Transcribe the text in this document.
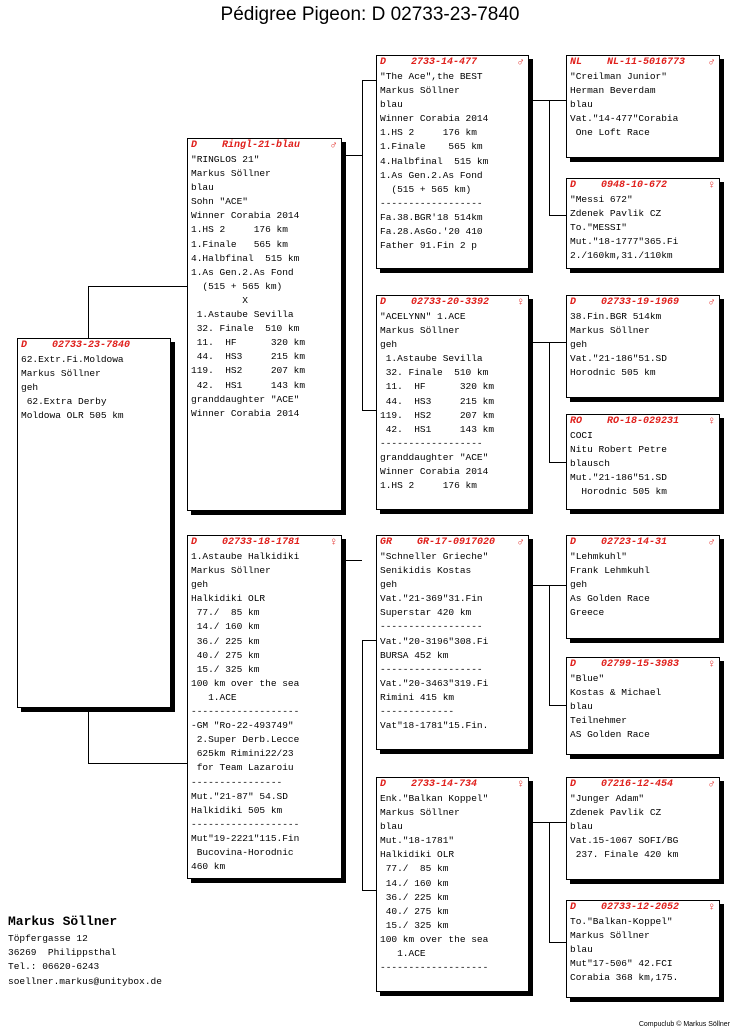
Pédigree Pigeon: D 02733-23-7840
D 02733-23-7840
62.Extr.Fi.Moldowa
Markus Söllner
geh
62.Extra Derby
Moldowa OLR 505 km
D Ringl-21-blau	♂
"RINGLOS 21"
Markus Söllner
blau
Sohn "ACE"
Winner Corabia 2014
1.HS 2     176 km
1.Finale   565 km
4.Halbfinal  515 km
1.As Gen.2.As Fond
(515 + 565 km)
X
1.Astaube Sevilla
32. Finale  510 km
11.  HF      320 km
44.  HS3     215 km
119.  HS2     207 km
42.  HS1     143 km
granddaughter "ACE"
Winner Corabia 2014
D 02733-18-1781	♀
1.Astaube Halkidiki
Markus Söllner
geh
Halkidiki OLR
77./  85 km
14./ 160 km
36./ 225 km
40./ 275 km
15./ 325 km
100 km over the sea
1.ACE
-------------------
-GM "Ro-22-493749"
2.Super Derb.Lecce
625km Rimini22/23
for Team Lazaroiu
----------------
Mut."21-87" 54.SD
Halkidiki 505 km
-------------------
Mut"19-2221"115.Fin
Bucovina-Horodnic
460 km
D 2733-14-477	♂
"The Ace",the BEST
Markus Söllner
blau
Winner Corabia 2014
1.HS 2     176 km
1.Finale    565 km
4.Halbfinal  515 km
1.As Gen.2.As Fond
(515 + 565 km)
------------------
Fa.38.BGR'18 514km
Fa.28.AsGo.'20 410
Father 91.Fin 2 p
D 02733-20-3392	♀
"ACELYNN" 1.ACE
Markus Söllner
geh
1.Astaube Sevilla
32. Finale  510 km
11.  HF      320 km
44.  HS3     215 km
119.  HS2     207 km
42.  HS1     143 km
------------------
granddaughter "ACE"
Winner Corabia 2014
1.HS 2     176 km
GR GR-17-0917020 ♂
"Schneller Grieche"
Senikidis Kostas
geh
Vat."21-369"31.Fin
Superstar 420 km
------------------
Vat."20-3196"308.Fi
BURSA 452 km
------------------
Vat."20-3463"319.Fi
Rimini 415 km
-------------
Vat"18-1781"15.Fin.
D 2733-14-734	♀
Enk."Balkan Koppel"
Markus Söllner
blau
Mut."18-1781"
Halkidiki OLR
77./  85 km
14./ 160 km
36./ 225 km
40./ 275 km
15./ 325 km
100 km over the sea
1.ACE
-------------------
NL NL-11-5016773 ♂
"Creilman Junior"
Herman Beverdam
blau
Vat."14-477"Corabia
One Loft Race
D 0948-10-672	♀
"Messi 672"
Zdenek Pavlik CZ
To."MESSI"
Mut."18-1777"365.Fi
2./160km,31./110km
D 02733-19-1969	♂
38.Fin.BGR 514km
Markus Söllner
geh
Vat."21-186"51.SD
Horodnic 505 km
RO RO-18-029231	♀
COCI
Nitu Robert Petre
blausch
Mut."21-186"51.SD
Horodnic 505 km
D 02723-14-31	♂
"Lehmkuhl"
Frank Lehmkuhl
geh
As Golden Race
Greece
D 02799-15-3983	♀
"Blue"
Kostas & Michael
blau
Teilnehmer
AS Golden Race
D 07216-12-454	♂
"Junger Adam"
Zdenek Pavlik CZ
blau
Vat.15-1067 SOFI/BG
237. Finale 420 km
D 02733-12-2052	♀
To."Balkan-Koppel"
Markus Söllner
blau
Mut"17-506" 42.FCI
Corabia 368 km,175.
Markus Söllner
Töpfergasse 12
36269  Philippsthal
Tel.: 06620-6243
soellner.markus@unitybox.de
Compuclub © Markus Söllner
